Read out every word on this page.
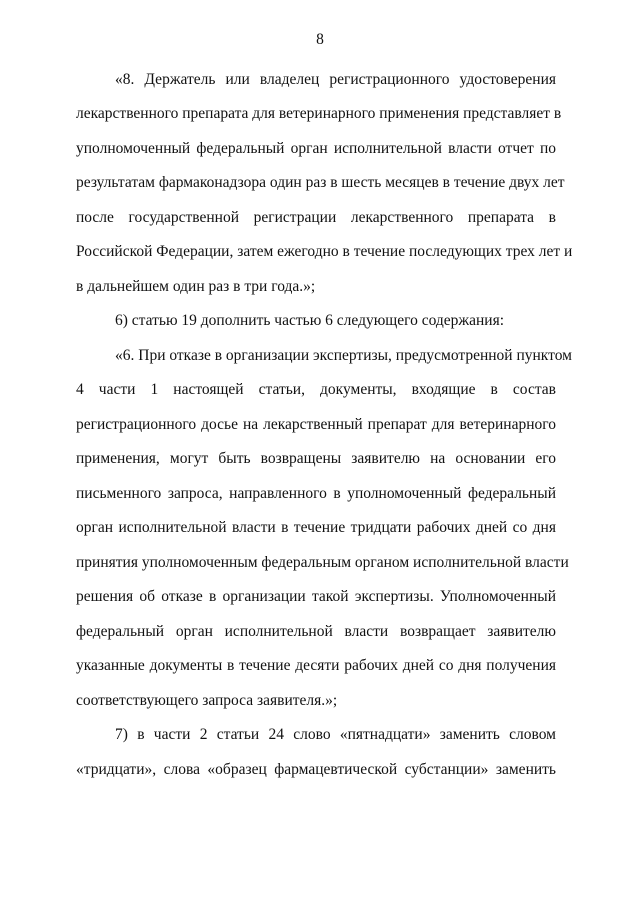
8
«8. Держатель или владелец регистрационного удостоверения
лекарственного препарата для ветеринарного применения представляет в
уполномоченный федеральный орган исполнительной власти отчет по
результатам фармаконадзора один раз в шесть месяцев в течение двух лет
после государственной регистрации лекарственного препарата в
Российской Федерации, затем ежегодно в течение последующих трех лет и
в дальнейшем один раз в три года.»;
6) статью 19 дополнить частью 6 следующего содержания:
«6. При отказе в организации экспертизы, предусмотренной пунктом
4 части 1 настоящей статьи, документы, входящие в состав
регистрационного досье на лекарственный препарат для ветеринарного
применения, могут быть возвращены заявителю на основании его
письменного запроса, направленного в уполномоченный федеральный
орган исполнительной власти в течение тридцати рабочих дней со дня
принятия уполномоченным федеральным органом исполнительной власти
решения об отказе в организации такой экспертизы. Уполномоченный
федеральный орган исполнительной власти возвращает заявителю
указанные документы в течение десяти рабочих дней со дня получения
соответствующего запроса заявителя.»;
7) в части 2 статьи 24 слово «пятнадцати» заменить словом
«тридцати», слова «образец фармацевтической субстанции» заменить
